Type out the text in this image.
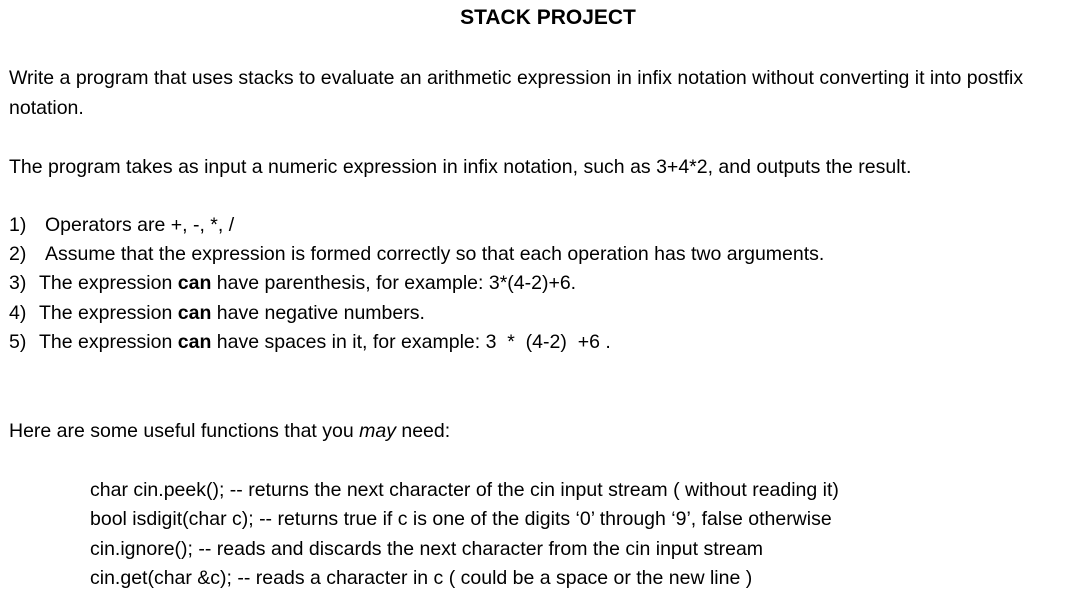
STACK PROJECT

Write a program that uses stacks to evaluate an arithmetic expression in infix notation without converting it into postfix notation.

The program takes as input a numeric expression in infix notation, such as 3+4*2, and outputs the result.

1) Operators are +, -, *, /
2) Assume that the expression is formed correctly so that each operation has two arguments.
3) The expression can have parenthesis, for example: 3*(4-2)+6.
4) The expression can have negative numbers.
5) The expression can have spaces in it, for example: 3  *  (4-2)  +6 .

Here are some useful functions that you may need:

char cin.peek(); -- returns the next character of the cin input stream ( without reading it)
bool isdigit(char c); -- returns true if c is one of the digits ‘0’ through ‘9’, false otherwise
cin.ignore(); -- reads and discards the next character from the cin input stream
cin.get(char &c); -- reads a character in c ( could be a space or the new line )
